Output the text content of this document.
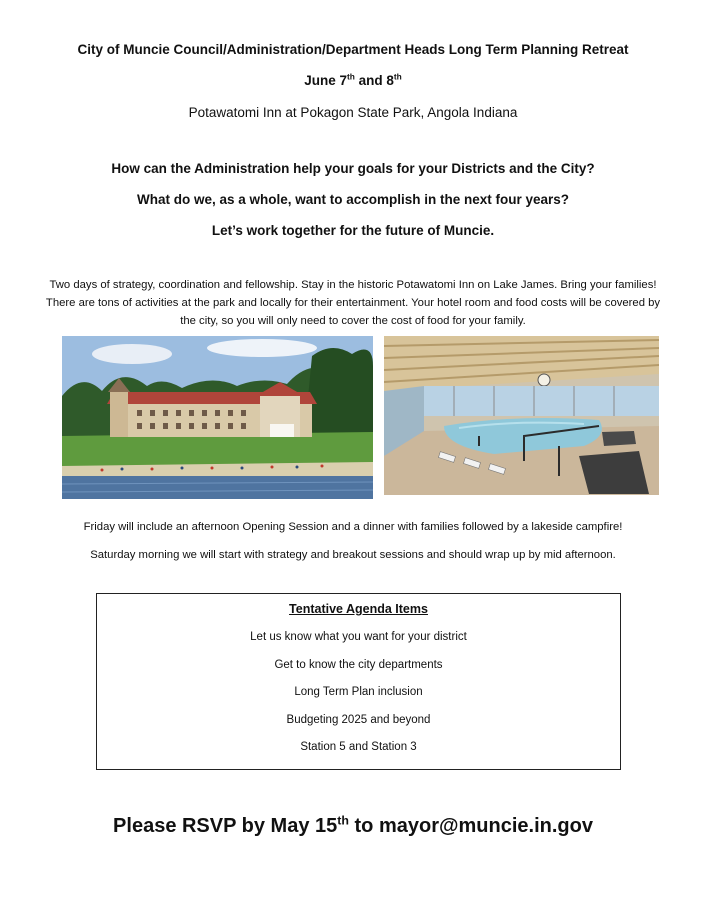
City of Muncie Council/Administration/Department Heads Long Term Planning Retreat
June 7th and 8th
Potawatomi Inn at Pokagon State Park, Angola Indiana
How can the Administration help your goals for your Districts and the City?
What do we, as a whole, want to accomplish in the next four years?
Let’s work together for the future of Muncie.
Two days of strategy, coordination and fellowship. Stay in the historic Potawatomi Inn on Lake James. Bring your families! There are tons of activities at the park and locally for their entertainment. Your hotel room and food costs will be covered by the city, so you will only need to cover the cost of food for your family.
Friday will include an afternoon Opening Session and a dinner with families followed by a lakeside campfire!
Saturday morning we will start with strategy and breakout sessions and should wrap up by mid afternoon.
Tentative Agenda Items
Let us know what you want for your district
Get to know the city departments
Long Term Plan inclusion
Budgeting 2025 and beyond
Station 5 and Station 3
Please RSVP by May 15th to mayor@muncie.in.gov
